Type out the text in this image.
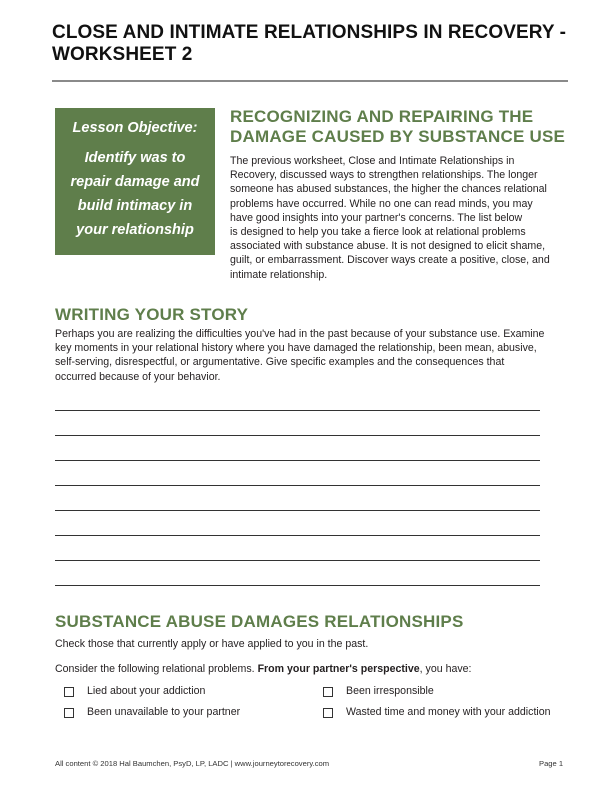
CLOSE AND INTIMATE RELATIONSHIPS IN RECOVERY -
WORKSHEET 2
Lesson Objective:
Identify was to repair damage and build intimacy in your relationship
RECOGNIZING AND REPAIRING THE
DAMAGE CAUSED BY SUBSTANCE USE
The previous worksheet, Close and Intimate Relationships in
Recovery, discussed ways to strengthen relationships. The longer
someone has abused substances, the higher the chances relational
problems have occurred. While no one can read minds, you may
have good insights into your partner's concerns. The list below
is designed to help you take a fierce look at relational problems
associated with substance abuse. It is not designed to elicit shame,
guilt, or embarrassment. Discover ways create a positive, close, and
intimate relationship.
WRITING YOUR STORY
Perhaps you are realizing the difficulties you've had in the past because of your substance use. Examine
key moments in your relational history where you have damaged the relationship, been mean, abusive,
self-serving, disrespectful, or argumentative. Give specific examples and the consequences that
occurred because of your behavior.
SUBSTANCE ABUSE DAMAGES RELATIONSHIPS
Check those that currently apply or have applied to you in the past.
Consider the following relational problems. From your partner's perspective, you have:
Lied about your addiction	Been irresponsible
Been unavailable to your partner	Wasted time and money with your addiction
All content © 2018 Hal Baumchen, PsyD, LP, LADC | www.journeytorecovery.com	Page 1
